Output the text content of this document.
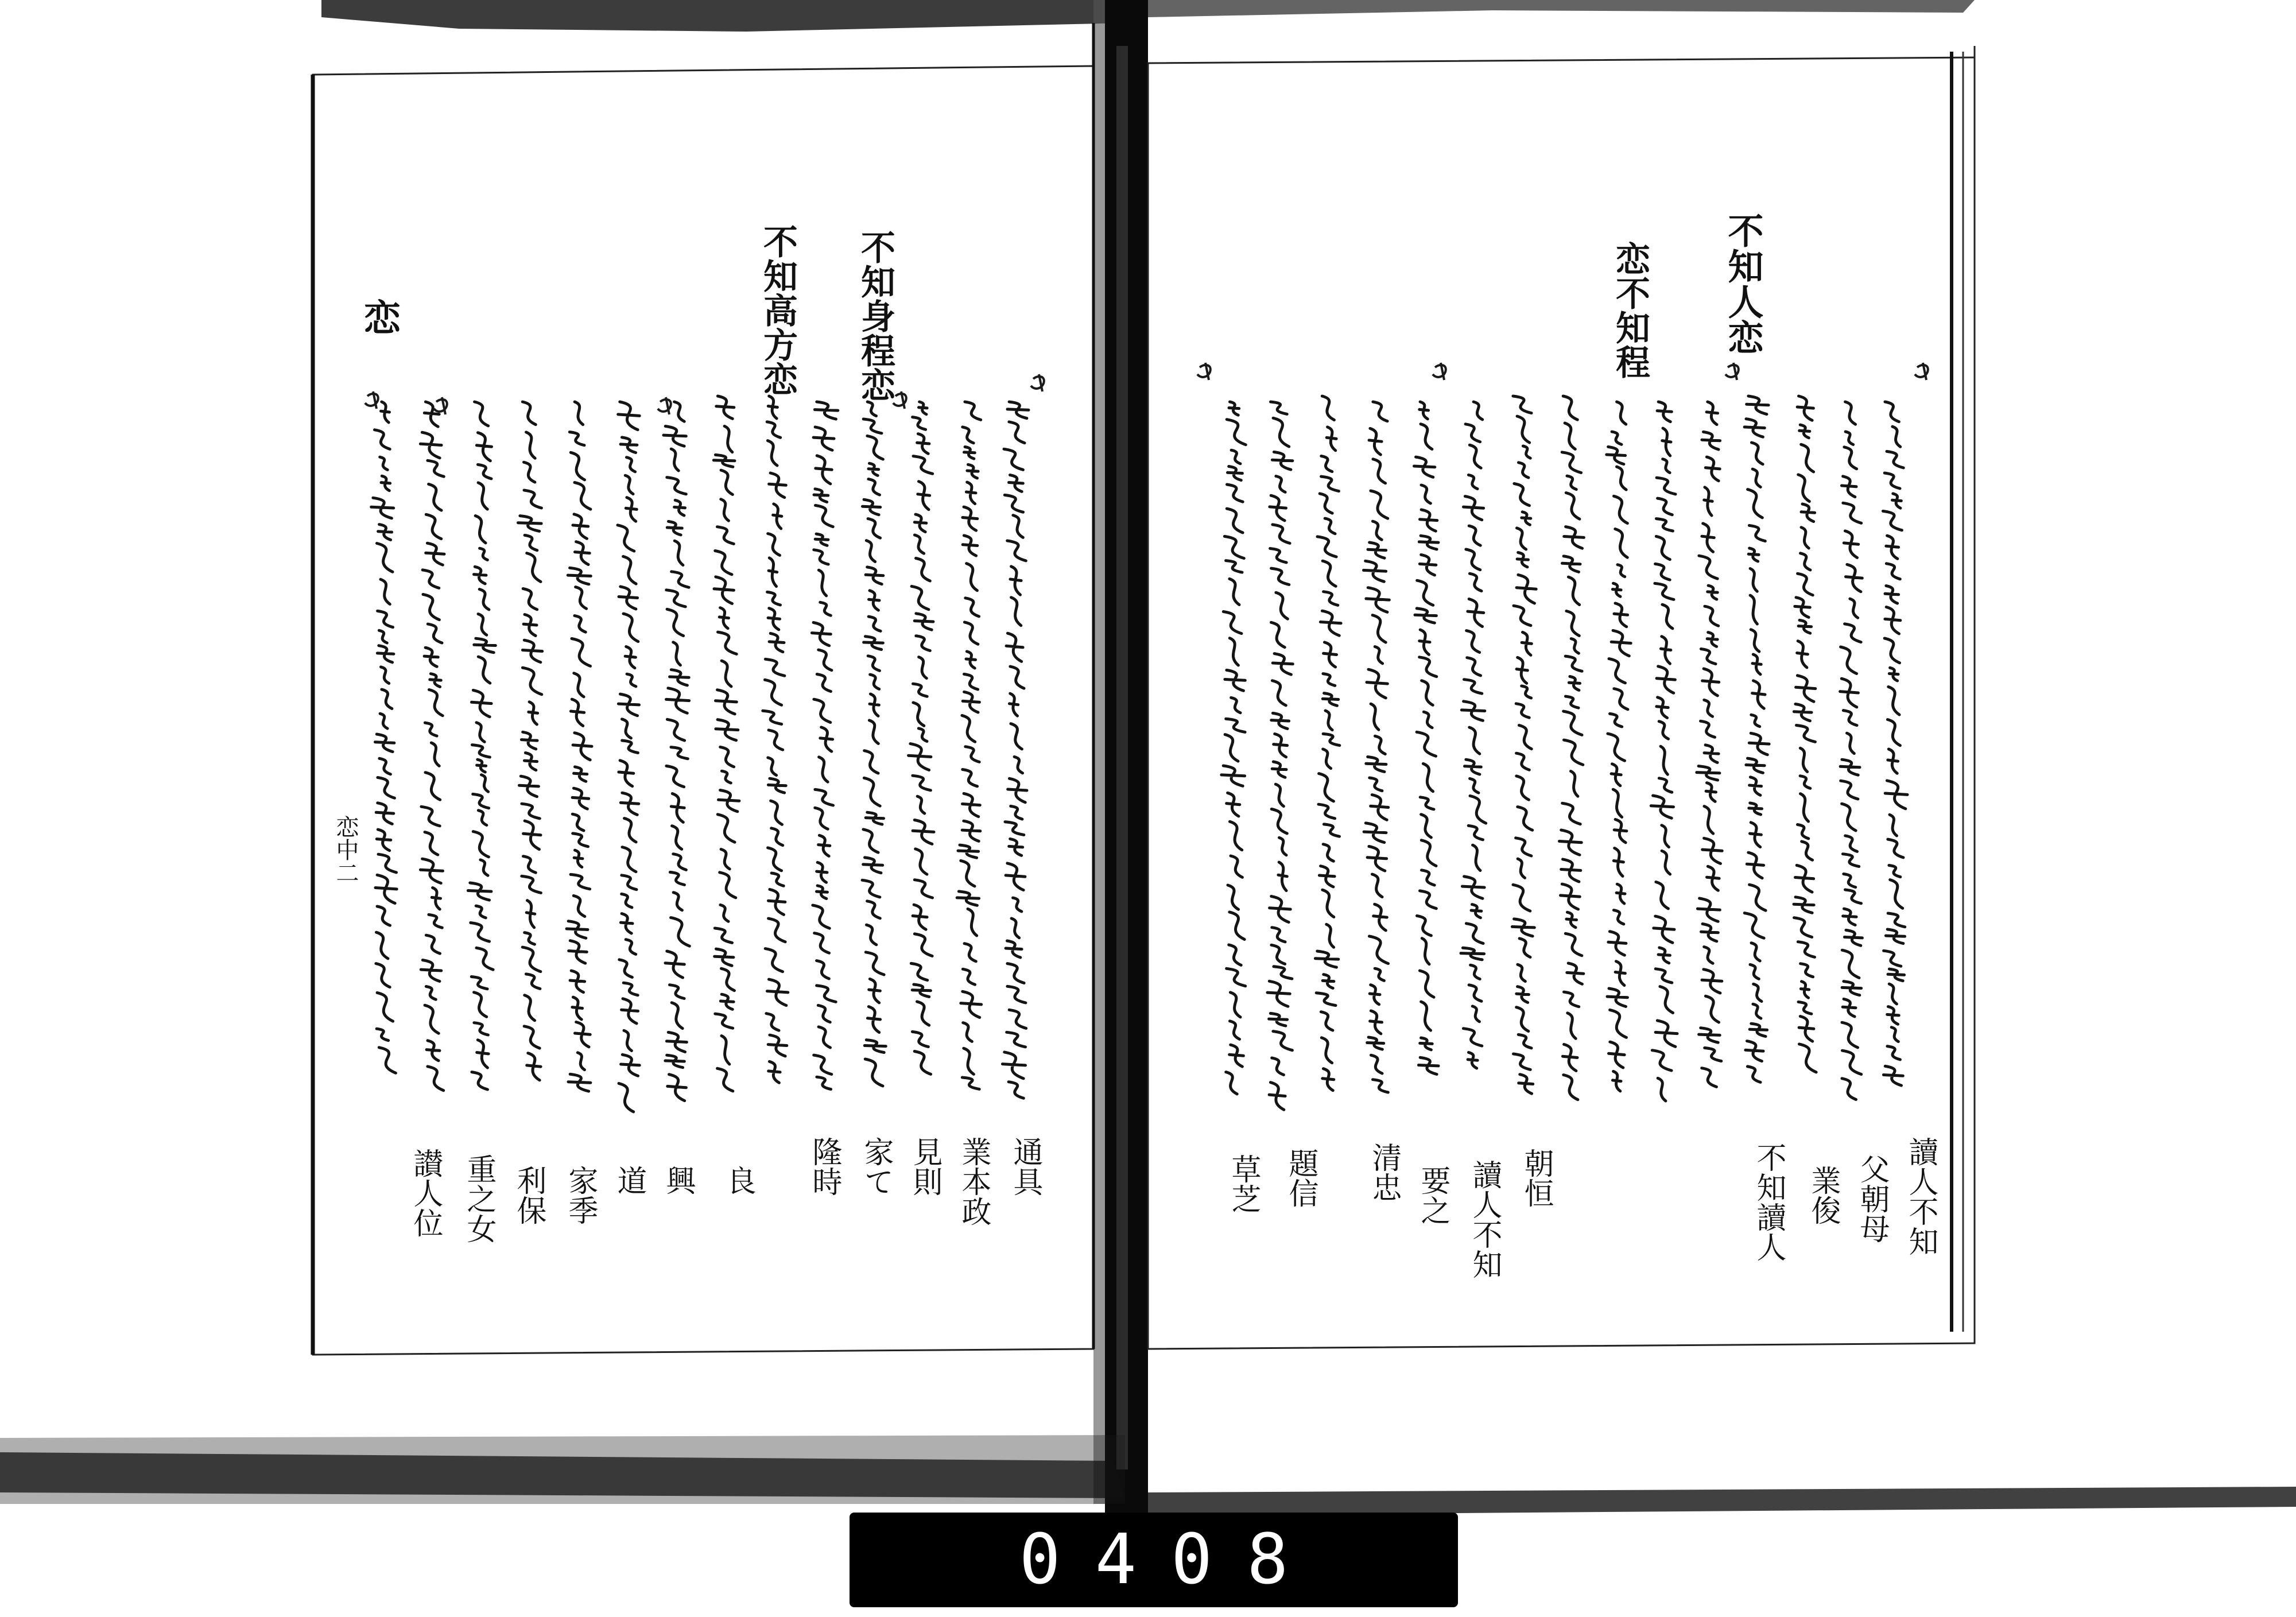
不知人恋
恋不知程
讀人不知
父朝母
業俊
不知讀人
朝恒
讀人不知
要之
清忠
題信
草芝
不知身程恋
不知高方恋
恋
恋中二
通具
業本政
見則
家て
隆時
良
興
道
家季
利保
重之女
讃人位
0408
